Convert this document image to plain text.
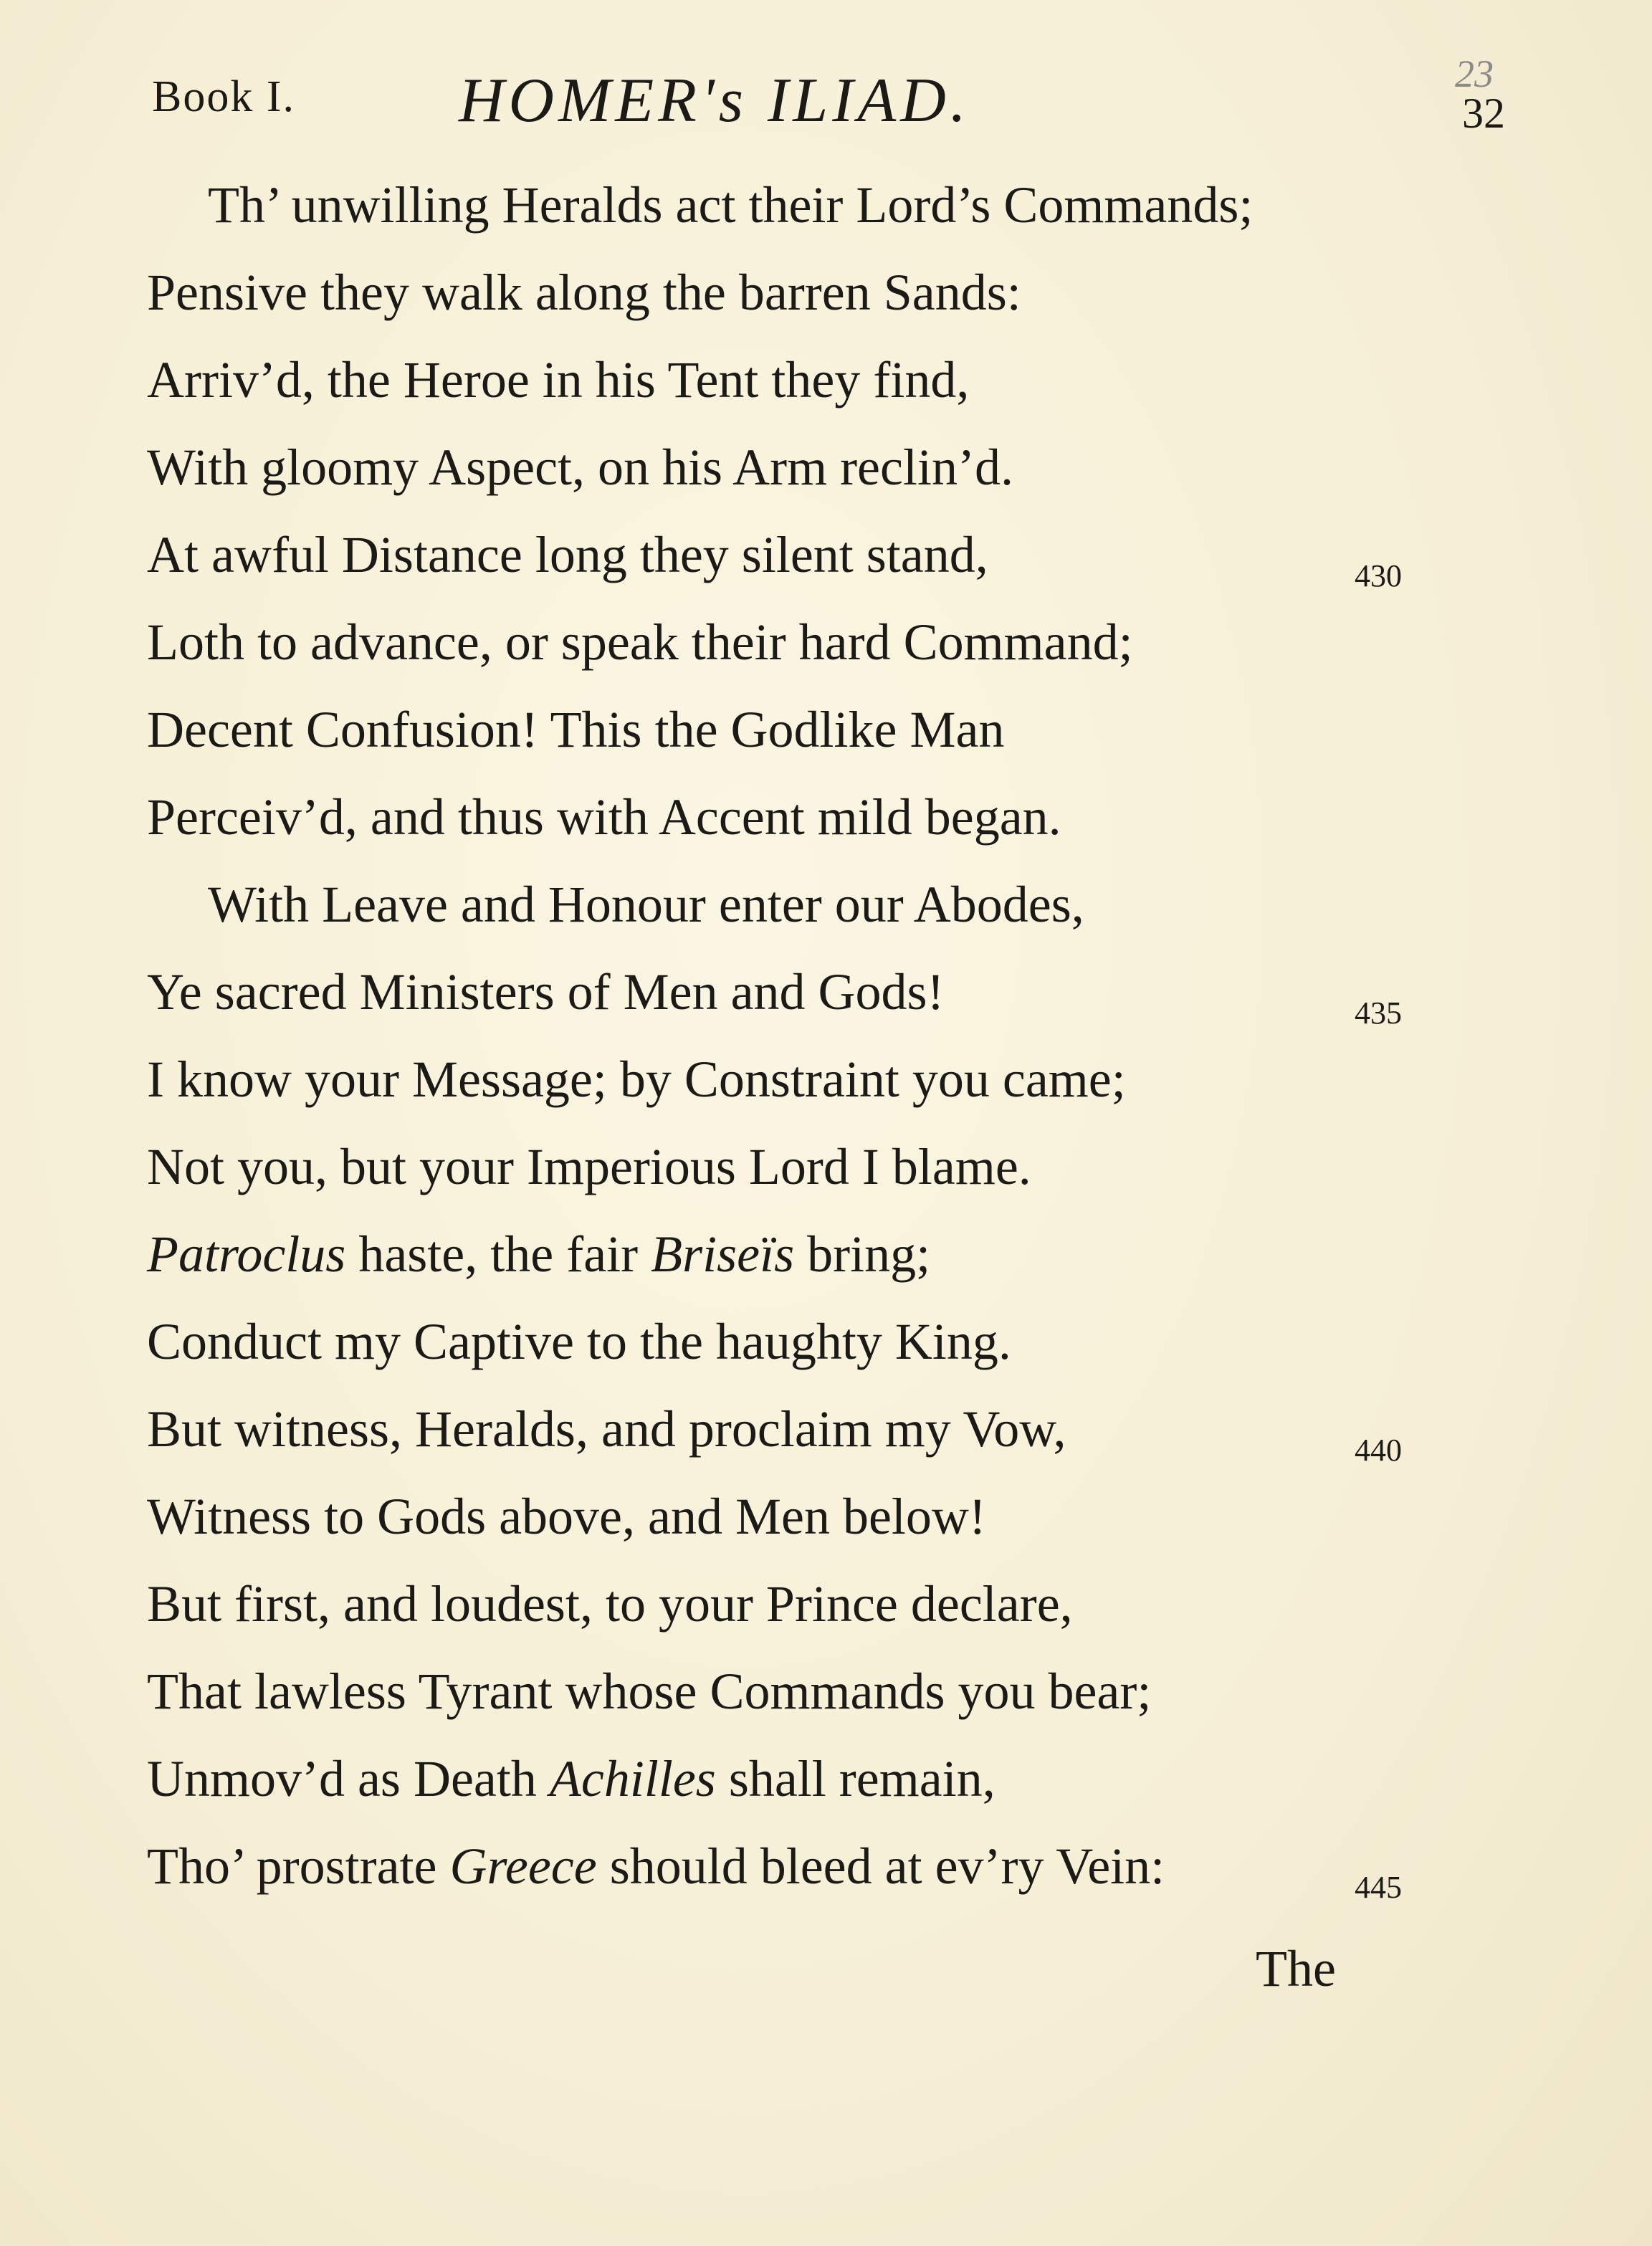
Book I.	HOMER's ILIAD.	23
32
Th’ unwilling Heralds act their Lord’s Commands;
Pensive they walk along the barren Sands:
Arriv’d, the Heroe in his Tent they find,
With gloomy Aspect, on his Arm reclin’d.
At awful Distance long they silent stand,	430
Loth to advance, or speak their hard Command;
Decent Confusion! This the Godlike Man
Perceiv’d, and thus with Accent mild began.
With Leave and Honour enter our Abodes,
Ye sacred Ministers of Men and Gods!	435
I know your Message; by Constraint you came;
Not you, but your Imperious Lord I blame.
Patroclus haste, the fair Briseïs bring;
Conduct my Captive to the haughty King.
But witness, Heralds, and proclaim my Vow,	440
Witness to Gods above, and Men below!
But first, and loudest, to your Prince declare,
That lawless Tyrant whose Commands you bear;
Unmov’d as Death Achilles shall remain,
Tho’ prostrate Greece should bleed at ev’ry Vein:	445
The
